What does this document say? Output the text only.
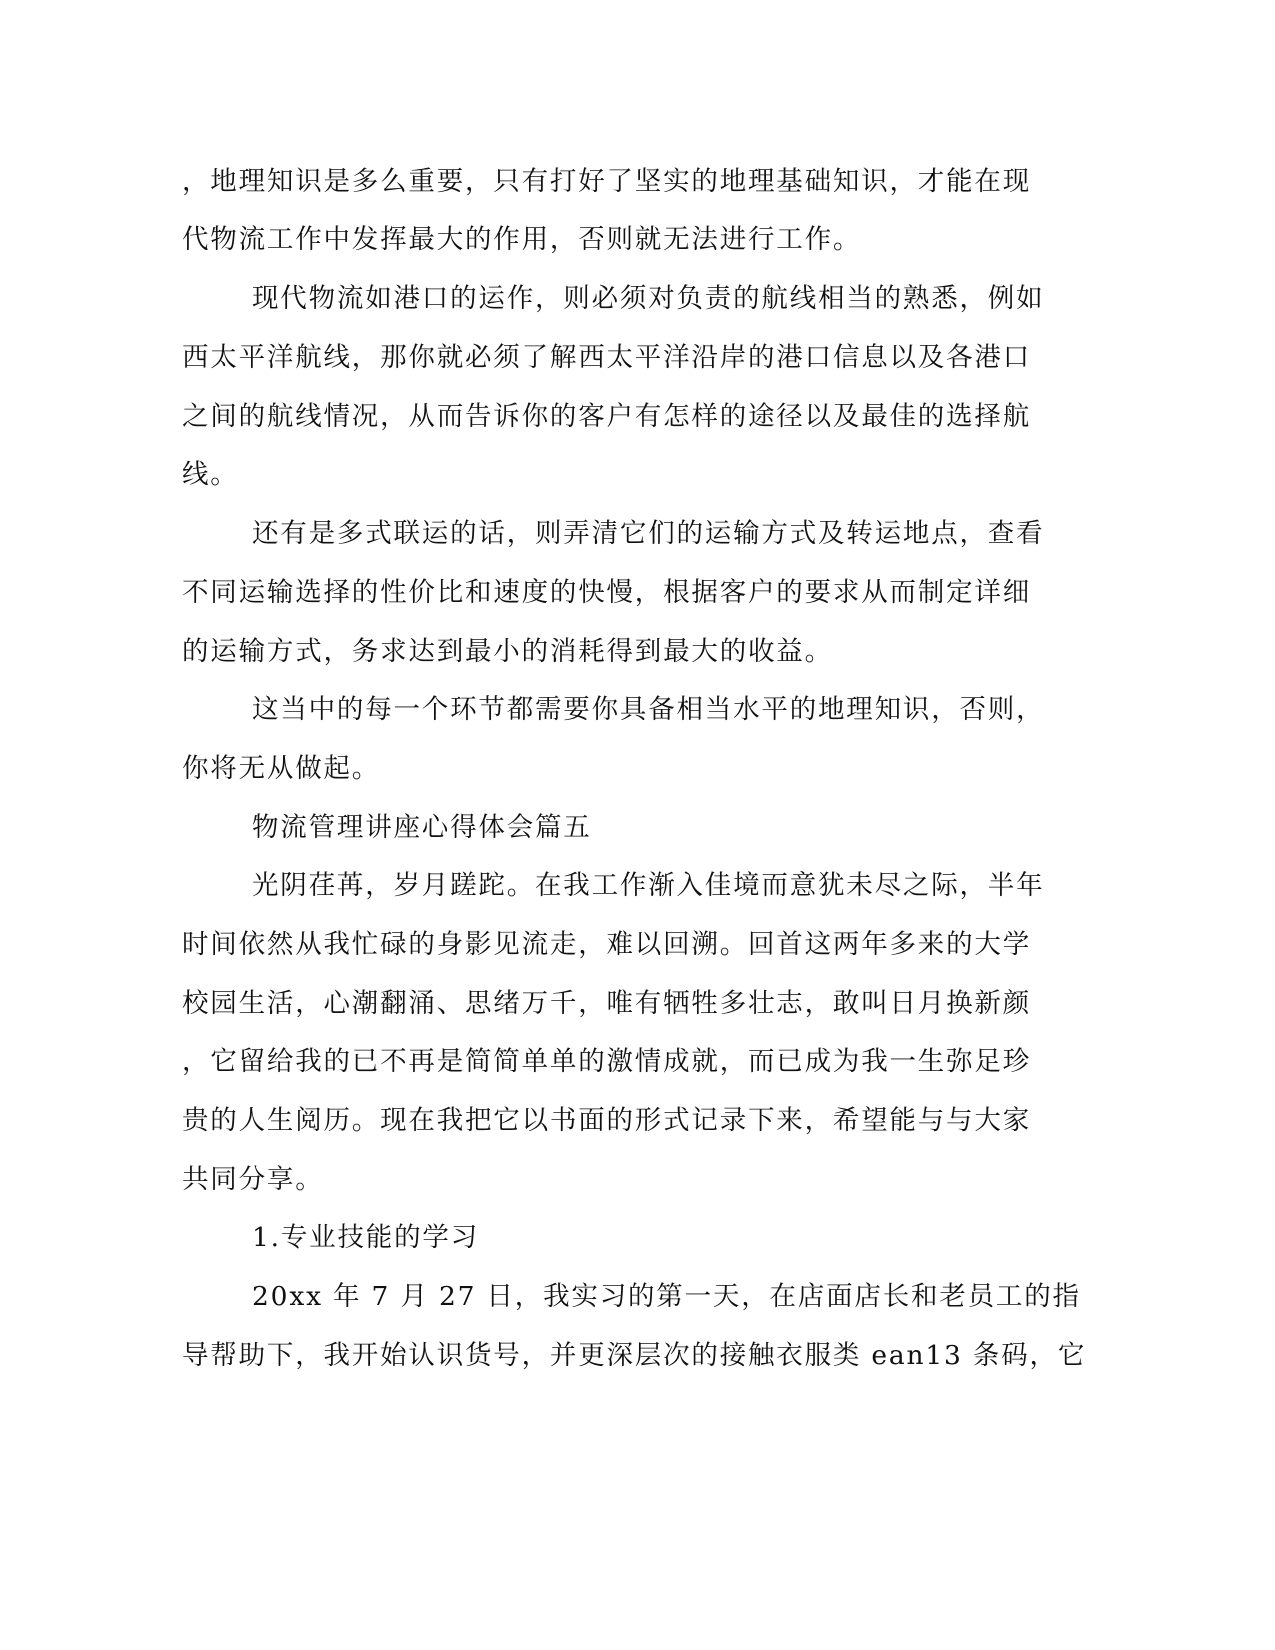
，地理知识是多么重要，只有打好了坚实的地理基础知识，才能在现
代物流工作中发挥最大的作用，否则就无法进行工作。
现代物流如港口的运作，则必须对负责的航线相当的熟悉，例如
西太平洋航线，那你就必须了解西太平洋沿岸的港口信息以及各港口
之间的航线情况，从而告诉你的客户有怎样的途径以及最佳的选择航
线。
还有是多式联运的话，则弄清它们的运输方式及转运地点，查看
不同运输选择的性价比和速度的快慢，根据客户的要求从而制定详细
的运输方式，务求达到最小的消耗得到最大的收益。
这当中的每一个环节都需要你具备相当水平的地理知识，否则，
你将无从做起。
物流管理讲座心得体会篇五
光阴荏苒，岁月蹉跎。在我工作渐入佳境而意犹未尽之际，半年
时间依然从我忙碌的身影见流走，难以回溯。回首这两年多来的大学
校园生活，心潮翻涌、思绪万千，唯有牺牲多壮志，敢叫日月换新颜
，它留给我的已不再是简简单单的激情成就，而已成为我一生弥足珍
贵的人生阅历。现在我把它以书面的形式记录下来，希望能与与大家
共同分享。
1.专业技能的学习
20xx 年 7 月 27 日，我实习的第一天，在店面店长和老员工的指
导帮助下，我开始认识货号，并更深层次的接触衣服类 ean13 条码，它
